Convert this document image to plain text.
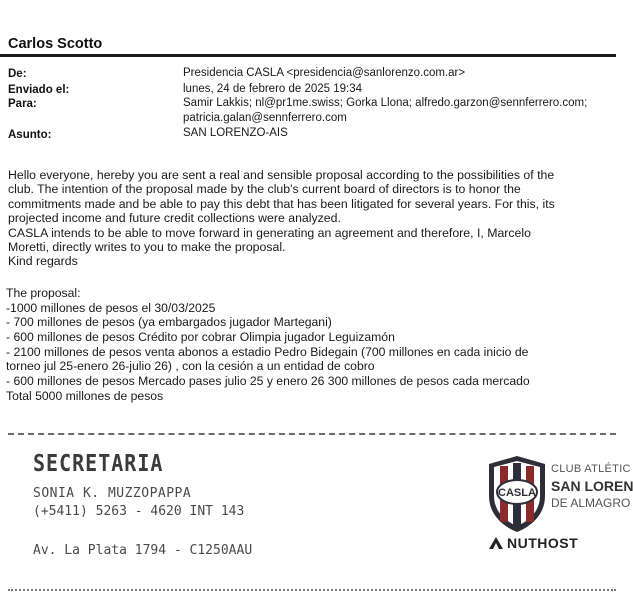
Carlos Scotto
De:	Presidencia CASLA <presidencia@sanlorenzo.com.ar>
Enviado el:	lunes, 24 de febrero de 2025 19:34
Para:	Samir Lakkis; nl@pr1me.swiss; Gorka Llona; alfredo.garzon@sennferrero.com;
patricia.galan@sennferrero.com
Asunto:	SAN LORENZO-AIS
Hello everyone, hereby you are sent a real and sensible proposal according to the possibilities of the
club. The intention of the proposal made by the club's current board of directors is to honor the
commitments made and be able to pay this debt that has been litigated for several years. For this, its
projected income and future credit collections were analyzed.
CASLA intends to be able to move forward in generating an agreement and therefore, I, Marcelo
Moretti, directly writes to you to make the proposal.
Kind regards
The proposal:
-1000 millones de pesos el 30/03/2025
- 700 millones de pesos (ya embargados jugador Martegani)
- 600 millones de pesos Crédito por cobrar Olimpia jugador Leguizamón
- 2100 millones de pesos venta abonos a estadio Pedro Bidegain (700 millones en cada inicio de
torneo jul 25-enero 26-julio 26) , con la cesión a un entidad de cobro
- 600 millones de pesos Mercado pases julio 25 y enero 26 300 millones de pesos cada mercado
Total 5000 millones de pesos
SECRETARIA
SONIA K. MUZZOPAPPA
(+5411) 5263 - 4620 INT 143
Av. La Plata 1794 - C1250AAU
CASLA
CLUB ATLÉTIC
SAN LOREN
DE ALMAGRO
NUTHOST
